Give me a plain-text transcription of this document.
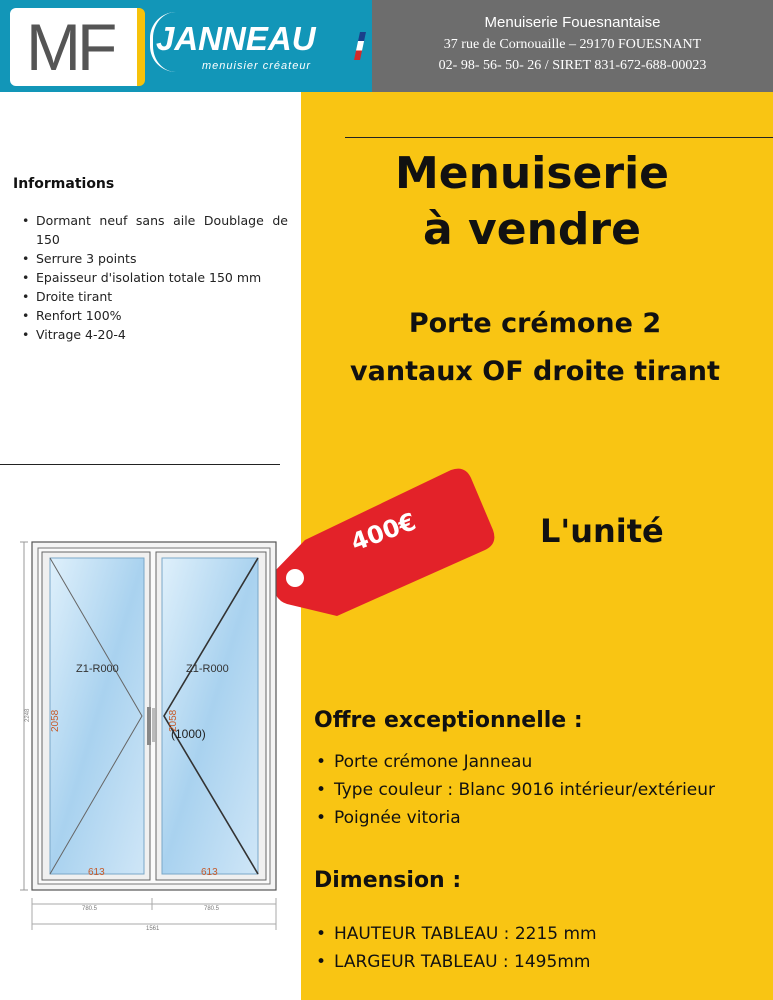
MF JANNEAU
menuisier créateur
Menuiserie Fouesnantaise
37 rue de Cornouaille – 29170 FOUESNANT
02- 98- 56- 50- 26 / SIRET 831-672-688-00023
Menuiserie
à vendre
Porte crémone 2
vantaux OF droite tirant
400€	L'unité
Informations
• Dormant neuf sans aile Doublage de 150
• Serrure 3 points
• Epaisseur d'isolation totale 150 mm
• Droite tirant
• Renfort 100%
• Vitrage 4-20-4
Z1-R000	Z1-R000
(1000)
2058	2058
613	613
2248
780.5	780.5
1561
Offre exceptionnelle :
• Porte crémone Janneau
• Type couleur : Blanc 9016 intérieur/extérieur
• Poignée vitoria
Dimension :
• HAUTEUR TABLEAU : 2215 mm
• LARGEUR TABLEAU : 1495mm
